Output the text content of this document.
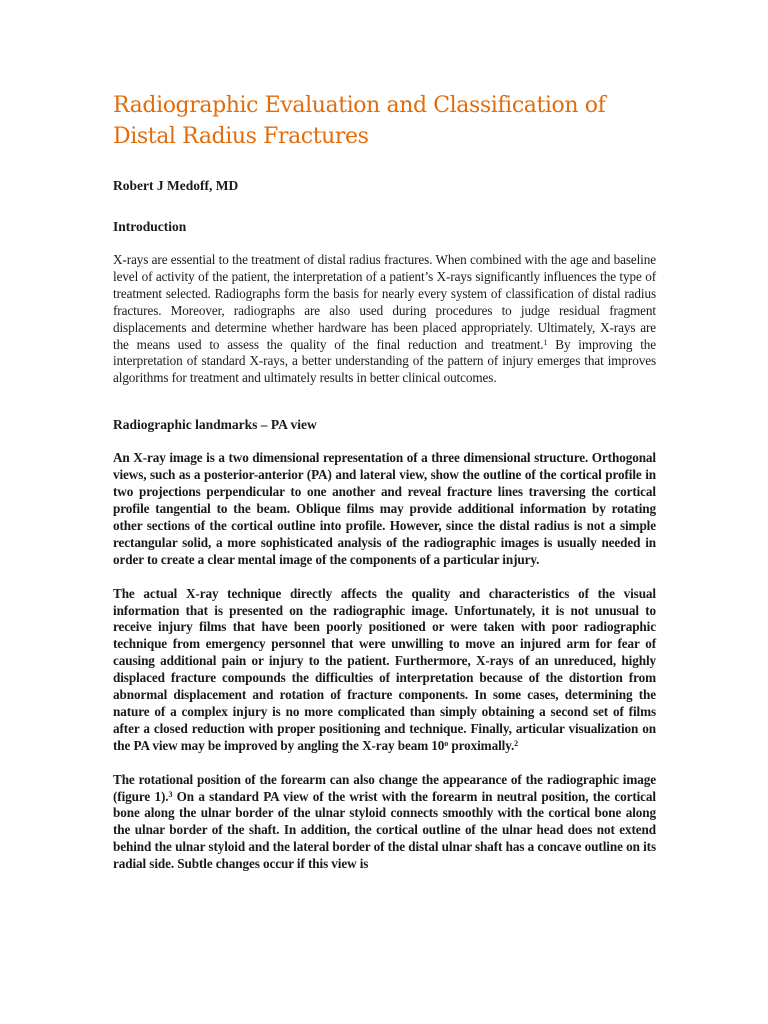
Radiographic Evaluation and Classification of
Distal Radius Fractures

Robert J Medoff, MD

Introduction

X-rays are essential to the treatment of distal radius fractures. When combined with the age and baseline level of activity of the patient, the interpretation of a patient’s X-rays significantly influences the type of treatment selected. Radiographs form the basis for nearly every system of classification of distal radius fractures. Moreover, radiographs are also used during procedures to judge residual fragment displacements and determine whether hardware has been placed appropriately. Ultimately, X-rays are the means used to assess the quality of the final reduction and treatment.$^1$ By improving the interpretation of standard X-rays, a better understanding of the pattern of injury emerges that improves algorithms for treatment and ultimately results in better clinical outcomes.

Radiographic landmarks – PA view

An X-ray image is a two dimensional representation of a three dimensional structure. Orthogonal views, such as a posterior-anterior (PA) and lateral view, show the outline of the cortical profile in two projections perpendicular to one another and reveal fracture lines traversing the cortical profile tangential to the beam. Oblique films may provide additional information by rotating other sections of the cortical outline into profile. However, since the distal radius is not a simple rectangular solid, a more sophisticated analysis of the radiographic images is usually needed in order to create a clear mental image of the components of a particular injury.

The actual X-ray technique directly affects the quality and characteristics of the visual information that is presented on the radiographic image. Unfortunately, it is not unusual to receive injury films that have been poorly positioned or were taken with poor radiographic technique from emergency personnel that were unwilling to move an injured arm for fear of causing additional pain or injury to the patient. Furthermore, X-rays of an unreduced, highly displaced fracture compounds the difficulties of interpretation because of the distortion from abnormal displacement and rotation of fracture components. In some cases, determining the nature of a complex injury is no more complicated than simply obtaining a second set of films after a closed reduction with proper positioning and technique. Finally, articular visualization on the PA view may be improved by angling the X-ray beam 10$^o$ proximally.$^2$

The rotational position of the forearm can also change the appearance of the radiographic image (figure 1).$^3$ On a standard PA view of the wrist with the forearm in neutral position, the cortical bone along the ulnar border of the ulnar styloid connects smoothly with the cortical bone along the ulnar border of the shaft. In addition, the cortical outline of the ulnar head does not extend behind the ulnar styloid and the lateral border of the distal ulnar shaft has a concave outline on its radial side. Subtle changes occur if this view is
